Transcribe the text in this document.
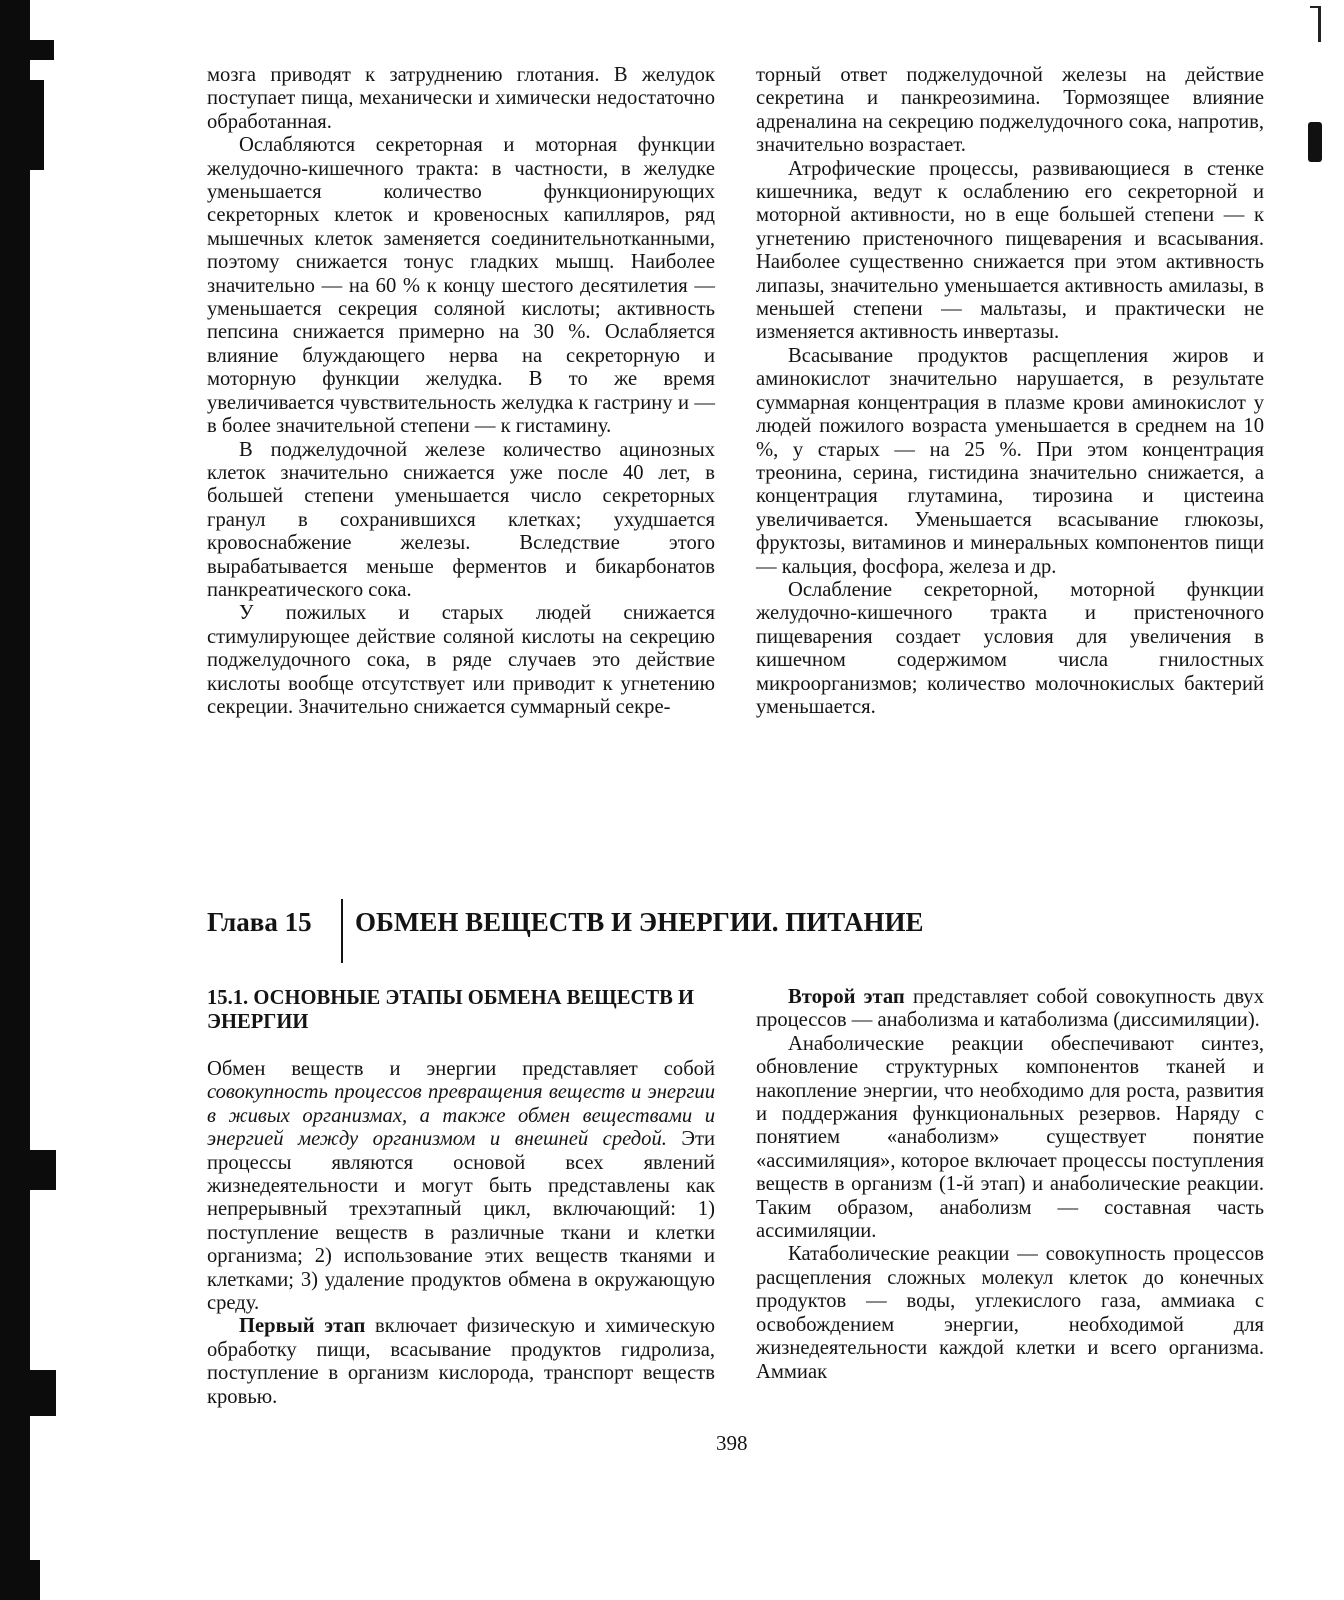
мозга приводят к затруднению глотания. В желудок поступает пища, механически и химически недостаточно обработанная.

Ослабляются секреторная и моторная функции желудочно-кишечного тракта: в частности, в желудке уменьшается количество функционирующих секреторных клеток и кровеносных капилляров, ряд мышечных клеток заменяется соединительнотканными, поэтому снижается тонус гладких мышц. Наиболее значительно — на 60 % к концу шестого десятилетия — уменьшается секреция соляной кислоты; активность пепсина снижается примерно на 30 %. Ослабляется влияние блуждающего нерва на секреторную и моторную функции желудка. В то же время увеличивается чувствительность желудка к гастрину и — в более значительной степени — к гистамину.

В поджелудочной железе количество ацинозных клеток значительно снижается уже после 40 лет, в большей степени уменьшается число секреторных гранул в сохранившихся клетках; ухудшается кровоснабжение железы. Вследствие этого вырабатывается меньше ферментов и бикарбонатов панкреатического сока.

У пожилых и старых людей снижается стимулирующее действие соляной кислоты на секрецию поджелудочного сока, в ряде случаев это действие кислоты вообще отсутствует или приводит к угнетению секреции. Значительно снижается суммарный секре-

торный ответ поджелудочной железы на действие секретина и панкреозимина. Тормозящее влияние адреналина на секрецию поджелудочного сока, напротив, значительно возрастает.

Атрофические процессы, развивающиеся в стенке кишечника, ведут к ослаблению его секреторной и моторной активности, но в еще большей степени — к угнетению пристеночного пищеварения и всасывания. Наиболее существенно снижается при этом активность липазы, значительно уменьшается активность амилазы, в меньшей степени — мальтазы, и практически не изменяется активность инвертазы.

Всасывание продуктов расщепления жиров и аминокислот значительно нарушается, в результате суммарная концентрация в плазме крови аминокислот у людей пожилого возраста уменьшается в среднем на 10 %, у старых — на 25 %. При этом концентрация треонина, серина, гистидина значительно снижается, а концентрация глутамина, тирозина и цистеина увеличивается. Уменьшается всасывание глюкозы, фруктозы, витаминов и минеральных компонентов пищи — кальция, фосфора, железа и др.

Ослабление секреторной, моторной функции желудочно-кишечного тракта и пристеночного пищеварения создает условия для увеличения в кишечном содержимом числа гнилостных микроорганизмов; количество молочнокислых бактерий уменьшается.

Глава 15 ОБМЕН ВЕЩЕСТВ И ЭНЕРГИИ. ПИТАНИЕ
15.1. ОСНОВНЫЕ ЭТАПЫ ОБМЕНА ВЕЩЕСТВ И ЭНЕРГИИ

Обмен веществ и энергии представляет собой совокупность процессов превращения веществ и энергии в живых организмах, а также обмен веществами и энергией между организмом и внешней средой. Эти процессы являются основой всех явлений жизнедеятельности и могут быть представлены как непрерывный трехэтапный цикл, включающий: 1) поступление веществ в различные ткани и клетки организма; 2) использование этих веществ тканями и клетками; 3) удаление продуктов обмена в окружающую среду.

Первый этап включает физическую и химическую обработку пищи, всасывание продуктов гидролиза, поступление в организм кислорода, транспорт веществ кровью.

Второй этап представляет собой совокупность двух процессов — анаболизма и катаболизма (диссимиляции).

Анаболические реакции обеспечивают синтез, обновление структурных компонентов тканей и накопление энергии, что необходимо для роста, развития и поддержания функциональных резервов. Наряду с понятием «анаболизм» существует понятие «ассимиляция», которое включает процессы поступления веществ в организм (1-й этап) и анаболические реакции. Таким образом, анаболизм — составная часть ассимиляции.

Катаболические реакции — совокупность процессов расщепления сложных молекул клеток до конечных продуктов — воды, углекислого газа, аммиака с освобождением энергии, необходимой для жизнедеятельности каждой клетки и всего организма. Аммиак

398
